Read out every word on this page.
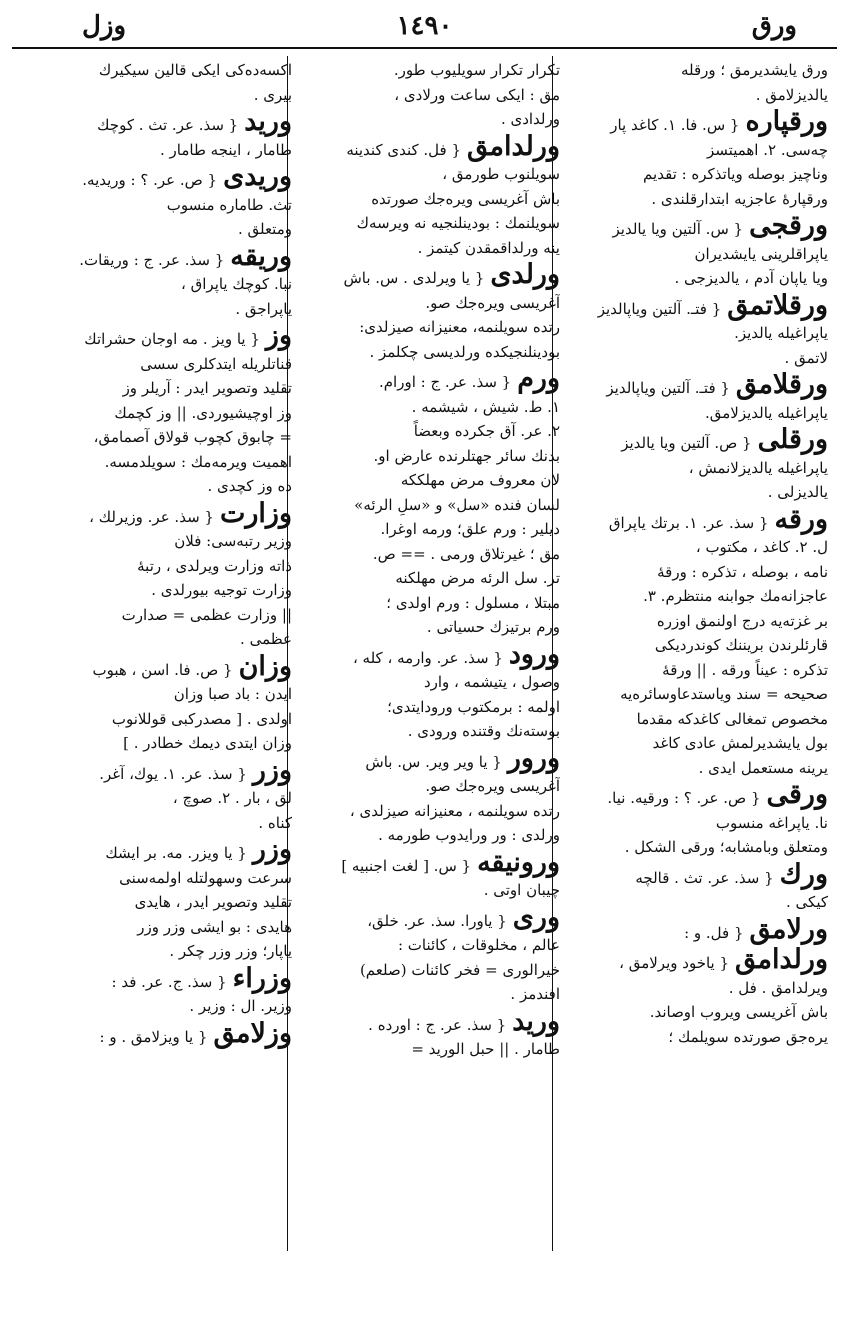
ورق
١٤٩٠
وزل
ورق يايشديرمق ؛ ورقله
يالديزلامق .
ورقپاره{ س. فا. ١. كاغد پار
چه‌سى. ٢. اهميتسز
وناچيز بوصله وياتذكره : تقديم
ورقپارهٔ عاجزيه ابتدارقلندى .
ورقجى{ س. آلتين ويا يالديز
ياپراقلرينى يايشديران
ويا ياپان آدم ، يالديزجى .
ورقلاتمق{ فتـ. آلتين وياپالديز
ياپراغيله يالديز.
لاتمق .
ورقلامق{ فتـ. آلتين وياپالديز
ياپراغيله يالديزلامق.
ورقلى{ ص. آلتين ويا يالديز
ياپراغيله يالديزلانمش ،
يالديزلى .
ورقه{ سذ. عر. ١. برتك ياپراق
ل. ٢. كاغد ، مكتوب ،
نامه ، بوصله ، تذكره : ورقهٔ
عاجزانه‌مك جوابنه منتظرم. ٣.
بر غزته‌يه درج اولنمق اوزره
قارئلرندن بريننك كوندرديكى
تذكره : عيناً ورقه . || ورقهٔ
صحيحه = سند وياستدعاوسائره‌يه
مخصوص تمغالى كاغدكه مقدما
بول يايشديرلمش عادى كاغد
يرينه مستعمل ايدى .
ورقى{ ص. عر. ؟ : ورقيه. نيا.
نا. ياپراغه منسوب
ومتعلق وبامشابه؛ ورقى الشكل .
ورك{ سذ. عر. تث . قالچه
كيكى .
ورلامق{ فل. و :
ورلدامق{ ياخود ويرلامق ،
ويرلدامق . فل .
باش آغريسى ويروب اوصاند.
يره‌جق صورتده سويلمك ؛
تكرار تكرار سويليوب طور.
مق : ايكى ساعت ورلادى ،
ورلدادى .
ورلدامق{ فل. كندى كندينه
سويلنوب طورمق ،
باش آغريسى ويره‌جك صورتده
سويلنمك : بودينلنجيه نه ويرسه‌ك
ينه ورلداقمقدن كيتمز .
ورلدى{ يا ويرلدى . س. باش
آغريسى ويره‌جك صو.
رتده سويلنمه، معنيزانه صيزلدى:
بودينلنجيكده ورلديسى چكلمز .
ورم{ سذ. عر. ج : اورام.
١. ط. شيش ، شيشمه .
٢. عر. آق جكرده وبعضاً
بدنك سائر جهتلرنده عارض او.
لان معروف مرض مهلككه
لسان فنده «سل» و «سلِ الرئه»
ديلير : ورم علق؛ ورمه اوغرا.
مق ؛ غيرتلاق ورمى . == ص.
تر. سل الرئه مرض مهلكنه
مبتلا ، مسلول : ورم اولدى ؛
ورم برتيزك حسياتى .
ورود{ سذ. عر. وارمه ، كله ،
وصول ، يتيشمه ، وارد
اولمه : برمكتوب ورودايتدى؛
بوسته‌نك وقتنده ورودى .
ورور{ يا وير وير. س. باش
آغريسى ويره‌جك صو.
رتده سويلنمه ، معنيزانه صيزلدى ،
ورلدى : ور ورايدوب طورمه .
ورونيقه{ س. [ لغت اجنبيه ]
چيبان اوتى .
ورى{ ياورا. سذ. عر. خلق،
عالم ، مخلوقات ، كائنات :
خيرالورى = فخر كائنات (صلعم)
افندمز .
وريد{ سذ. عر. ج : اورده .
طامار . || حبل الوريد =
اكسه‌ده‌كى ايكى قالين سيكيرك
بيرى .
وريد{ سذ. عر. تث . كوچك
طامار ، اينجه طامار .
وريدى{ ص. عر. ؟ : وريديه.
تث. طاماره منسوب
ومتعلق .
وريقه{ سذ. عر. ج : وريقات.
نبا. كوچك ياپراق ،
ياپراجق .
وز{ يا ويز . مه اوجان حشراتك
قناتلريله ايتدكلرى سسى
تقليد وتصوير ايدر : آريلر وز
وز اوچيشيوردى. || وز كچمك
= چابوق كچوب قولاق آصمامق،
اهميت ويرمه‌مك : سويلدمسه.
ده وز كچدى .
وزارت{ سذ. عر. وزيرلك ،
وزير رتبه‌سى: فلان
ذاته وزارت ويرلدى ، رتبهٔ
وزارت توجيه بيورلدى .
|| وزارت عظمى = صدارت
عظمى .
وزان{ ص. فا. اسن ، هبوب
ايدن : باد صبا وزان
اولدى . [ مصدركبى قوللانوب
وزان ايتدى ديمك خطادر . ]
وزر{ سذ. عر. ١. يوك، آغر.
لق ، بار . ٢. صوچ ،
كناه .
وزر{ يا ويزر. مه. بر ايشك
سرعت وسهولتله اولمه‌سنى
تقليد وتصوير ايدر ، هايدى
هايدى : بو ايشى وزر وزر
ياپار؛ وزر وزر چكر .
وزراء{ سذ. ج. عر. فد :
وزير. ال : وزير .
وزلامق{ يا ويزلامق . و :
